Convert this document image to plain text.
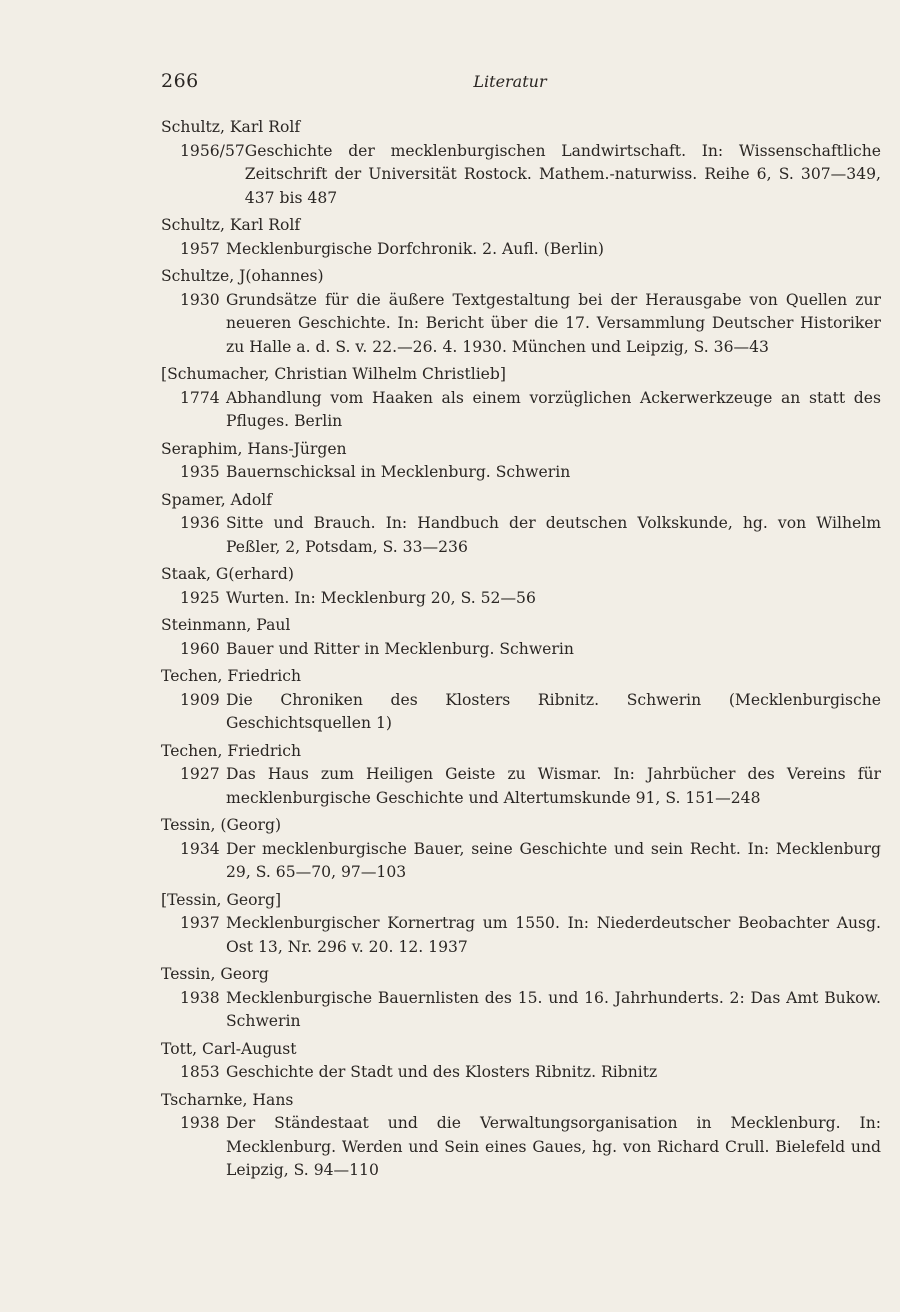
266	Literatur
Schultz, Karl Rolf
1956/57 Geschichte der mecklenburgischen Landwirtschaft. In: Wissenschaftliche Zeitschrift der Universität Rostock. Mathem.-naturwiss. Reihe 6, S. 307—349, 437 bis 487
Schultz, Karl Rolf
1957 Mecklenburgische Dorfchronik. 2. Aufl. (Berlin)
Schultze, J(ohannes)
1930 Grundsätze für die äußere Textgestaltung bei der Herausgabe von Quellen zur neueren Geschichte. In: Bericht über die 17. Versammlung Deutscher Historiker zu Halle a. d. S. v. 22.—26. 4. 1930. München und Leipzig, S. 36—43
[Schumacher, Christian Wilhelm Christlieb]
1774 Abhandlung vom Haaken als einem vorzüglichen Ackerwerkzeuge an statt des Pfluges. Berlin
Seraphim, Hans-Jürgen
1935 Bauernschicksal in Mecklenburg. Schwerin
Spamer, Adolf
1936 Sitte und Brauch. In: Handbuch der deutschen Volkskunde, hg. von Wilhelm Peßler, 2, Potsdam, S. 33—236
Staak, G(erhard)
1925 Wurten. In: Mecklenburg 20, S. 52—56
Steinmann, Paul
1960 Bauer und Ritter in Mecklenburg. Schwerin
Techen, Friedrich
1909 Die Chroniken des Klosters Ribnitz. Schwerin (Mecklenburgische Geschichtsquellen 1)
Techen, Friedrich
1927 Das Haus zum Heiligen Geiste zu Wismar. In: Jahrbücher des Vereins für mecklenburgische Geschichte und Altertumskunde 91, S. 151—248
Tessin, (Georg)
1934 Der mecklenburgische Bauer, seine Geschichte und sein Recht. In: Mecklenburg 29, S. 65—70, 97—103
[Tessin, Georg]
1937 Mecklenburgischer Kornertrag um 1550. In: Niederdeutscher Beobachter Ausg. Ost 13, Nr. 296 v. 20. 12. 1937
Tessin, Georg
1938 Mecklenburgische Bauernlisten des 15. und 16. Jahrhunderts. 2: Das Amt Bukow. Schwerin
Tott, Carl-August
1853 Geschichte der Stadt und des Klosters Ribnitz. Ribnitz
Tscharnke, Hans
1938 Der Ständestaat und die Verwaltungsorganisation in Mecklenburg. In: Mecklenburg. Werden und Sein eines Gaues, hg. von Richard Crull. Bielefeld und Leipzig, S. 94—110
